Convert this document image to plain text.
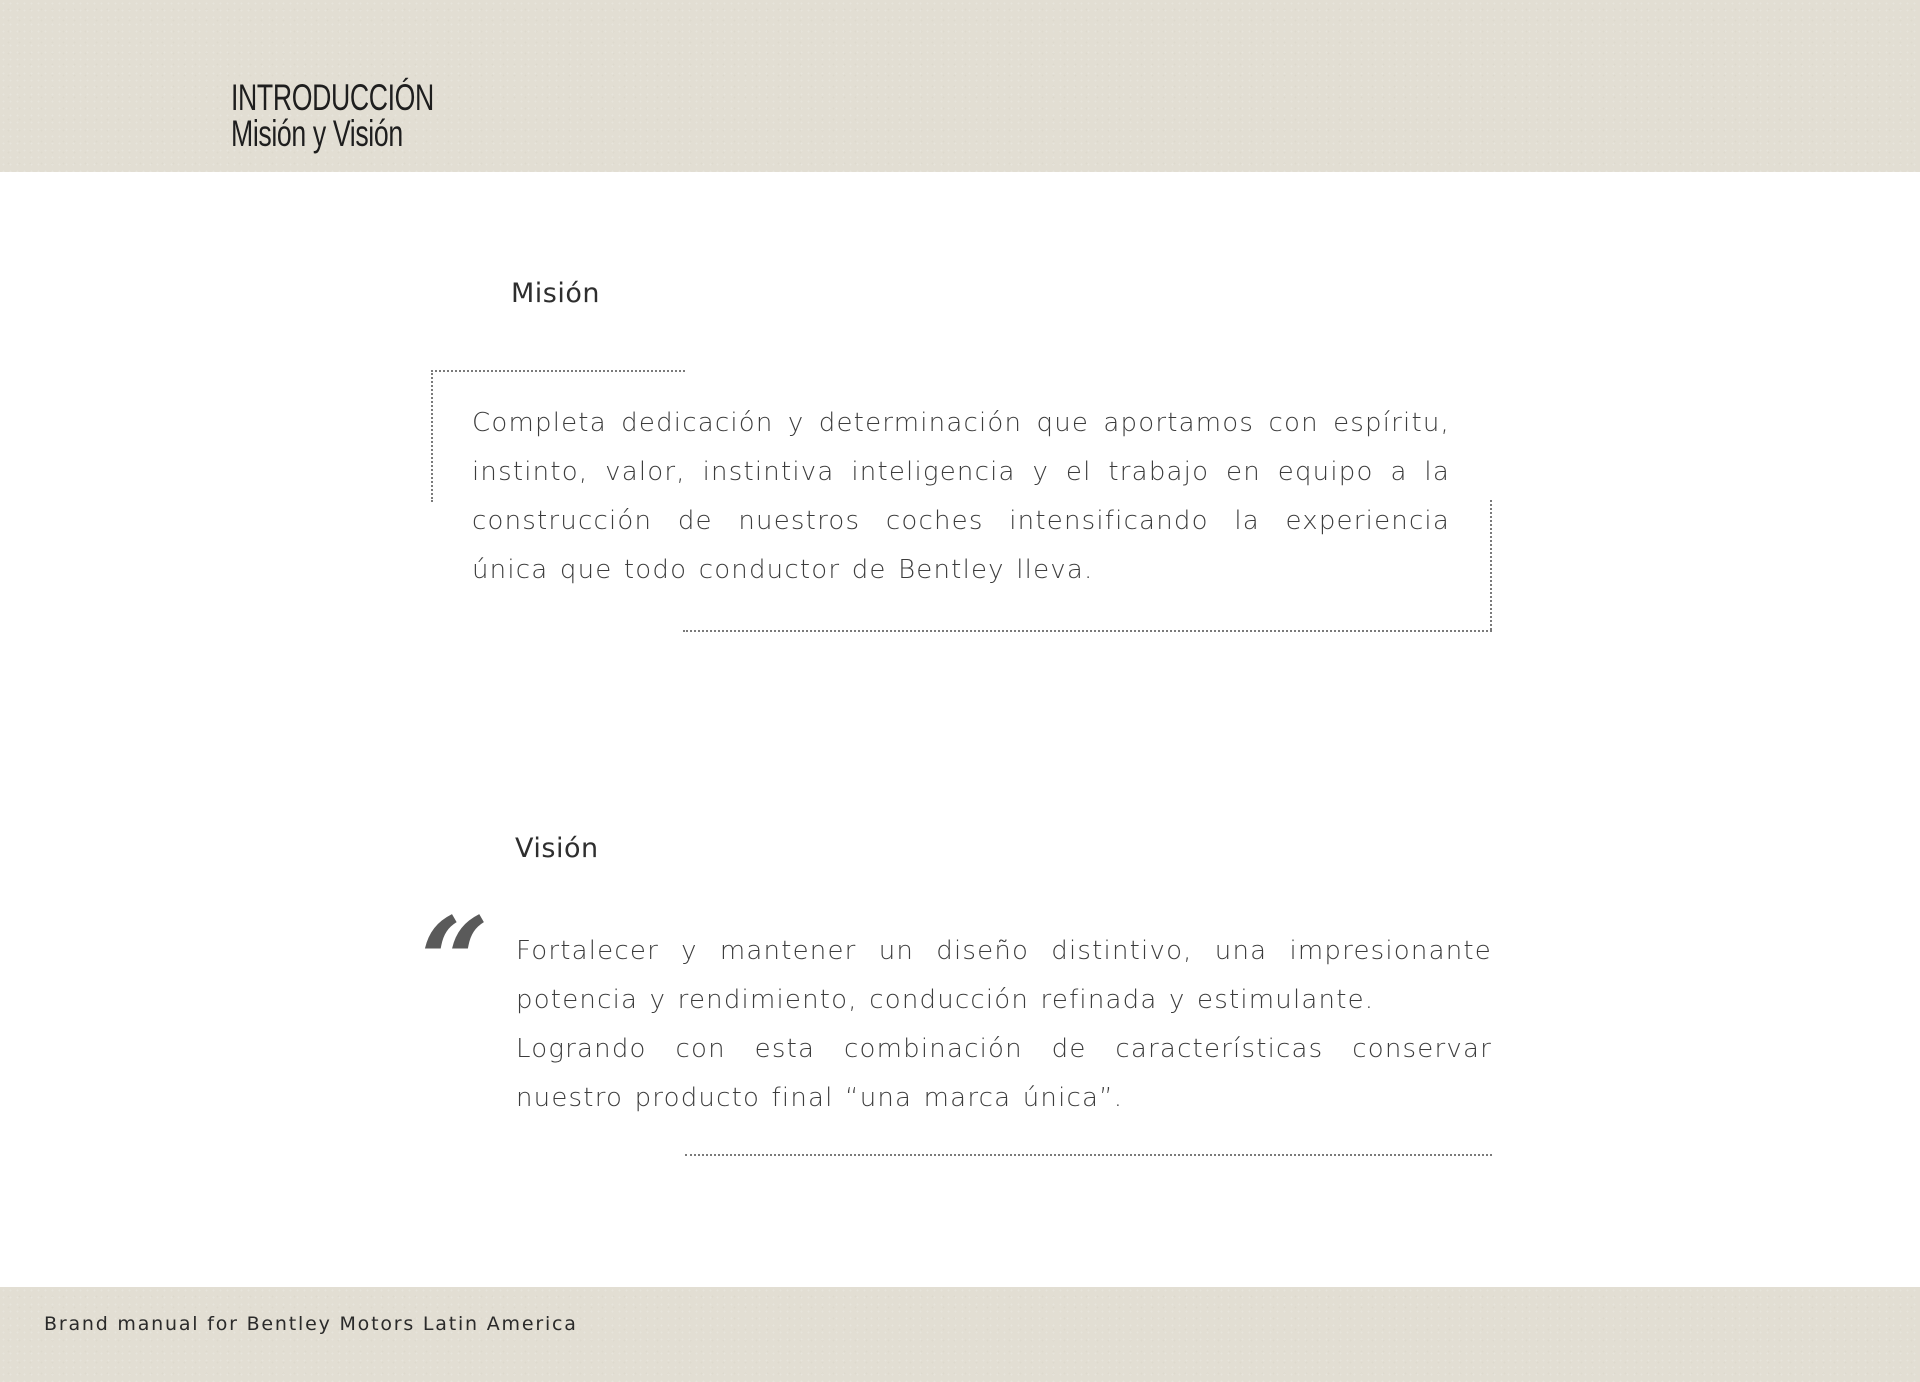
INTRODUCCIÓN
Misión y Visión
Misión
Completa dedicación y determinación que aportamos con espíritu, instinto, valor, instintiva inteligencia y el trabajo en equipo a la construcción de nuestros coches intensificando la experiencia única que todo conductor de Bentley lleva.
Visión
“ Fortalecer y mantener un diseño distintivo, una impresionante potencia y rendimiento, conducción refinada y estimulante.
Logrando con esta combinación de características conservar nuestro producto final “una marca única”.
Brand manual for Bentley Motors Latin America
